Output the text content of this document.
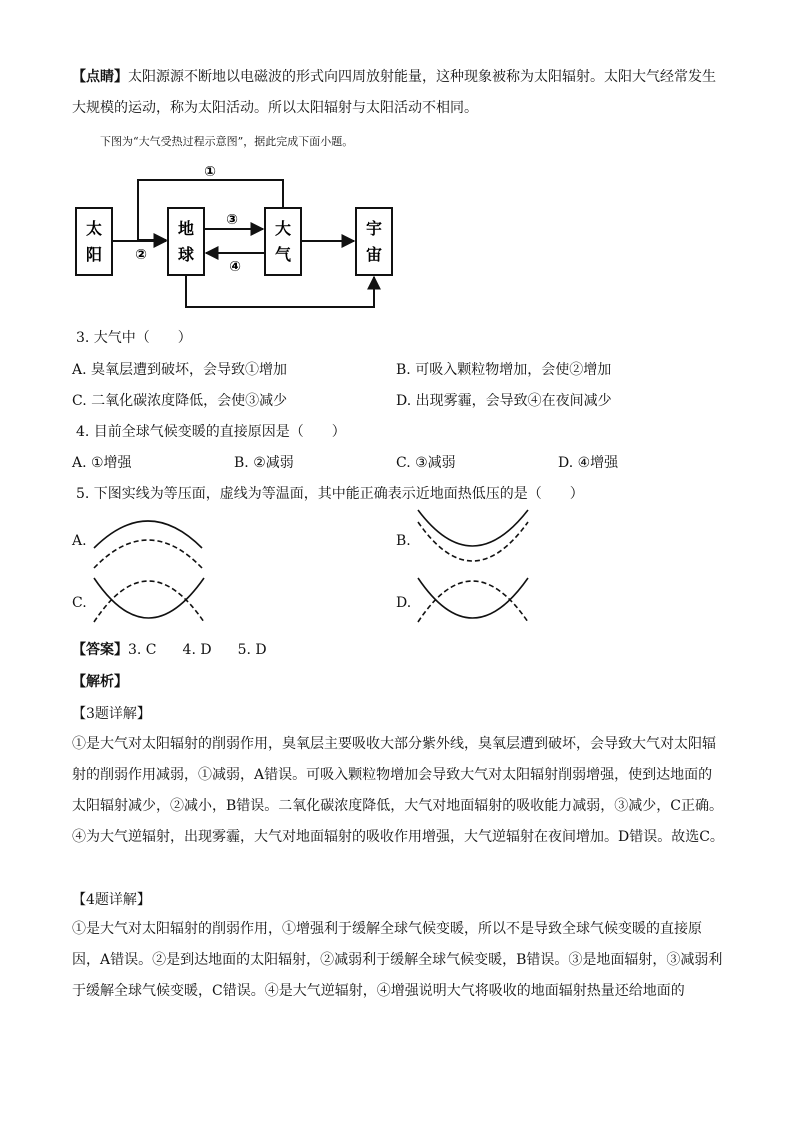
【点睛】太阳源源不断地以电磁波的形式向四周放射能量，这种现象被称为太阳辐射。太阳大气经常发生大规模的运动，称为太阳活动。所以太阳辐射与太阳活动不相同。

下图为“大气受热过程示意图”，据此完成下面小题。

太
阳
地
球
大
气
宇
宙
①
②
③
④
3. 大气中（　　）
A. 臭氧层遭到破坏，会导致①增加	B. 可吸入颗粒物增加，会使②增加
C. 二氧化碳浓度降低，会使③减少	D. 出现雾霾，会导致④在夜间减少
4. 目前全球气候变暖的直接原因是（　　）
A. ①增强	B. ②减弱	C. ③减弱	D. ④增强
5. 下图实线为等压面，虚线为等温面，其中能正确表示近地面热低压的是（　　）
A.	B.
C.	D.
【答案】3. C 4. D 5. D
【解析】
【3题详解】

①是大气对太阳辐射的削弱作用，臭氧层主要吸收大部分紫外线，臭氧层遭到破坏，会导致大气对太阳辐射的削弱作用减弱，①减弱，A错误。可吸入颗粒物增加会导致大气对太阳辐射削弱增强，使到达地面的太阳辐射减少，②减小，B错误。二氧化碳浓度降低，大气对地面辐射的吸收能力减弱，③减少，C正确。④为大气逆辐射，出现雾霾，大气对地面辐射的吸收作用增强，大气逆辐射在夜间增加。D错误。故选C。

【4题详解】

①是大气对太阳辐射的削弱作用，①增强利于缓解全球气候变暖，所以不是导致全球气候变暖的直接原因，A错误。②是到达地面的太阳辐射，②减弱利于缓解全球气候变暖，B错误。③是地面辐射，③减弱利于缓解全球气候变暖，C错误。④是大气逆辐射，④增强说明大气将吸收的地面辐射热量还给地面的
